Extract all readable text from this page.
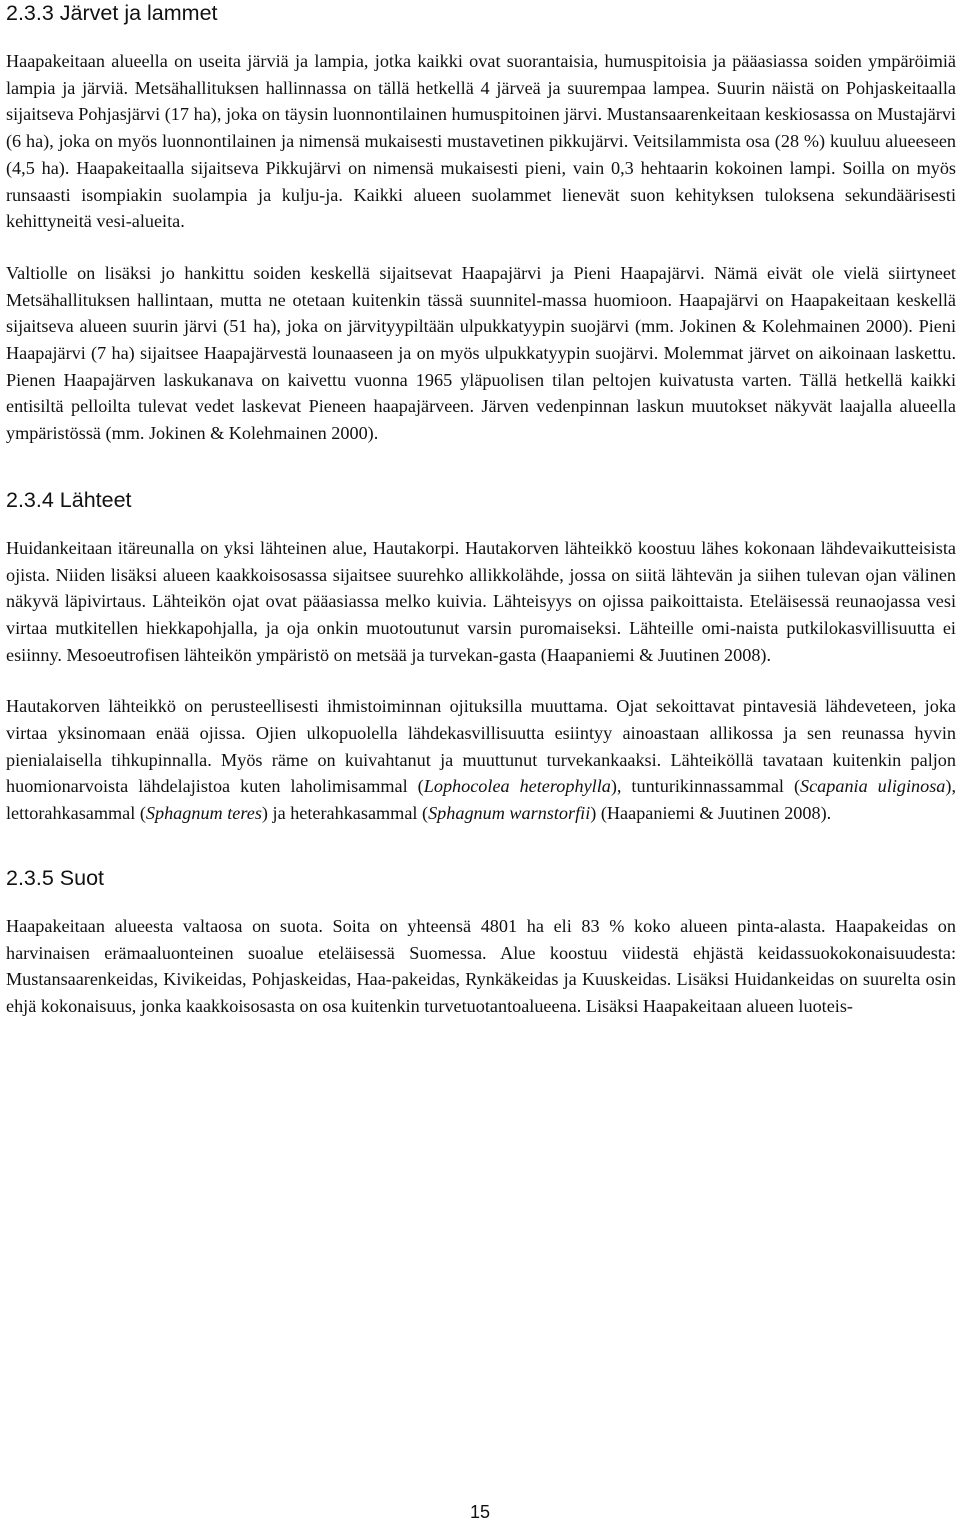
2.3.3 Järvet ja lammet

Haapakeitaan alueella on useita järviä ja lampia, jotka kaikki ovat suorantaisia, humuspitoisia ja pääasiassa soiden ympäröimiä lampia ja järviä. Metsähallituksen hallinnassa on tällä hetkellä 4 järveä ja suurempaa lampea. Suurin näistä on Pohjaskeitaalla sijaitseva Pohjasjärvi (17 ha), joka on täysin luonnontilainen humuspitoinen järvi. Mustansaarenkeitaan keskiosassa on Mustajärvi (6 ha), joka on myös luonnontilainen ja nimensä mukaisesti mustavetinen pikkujärvi. Veitsilammista osa (28 %) kuuluu alueeseen (4,5 ha). Haapakeitaalla sijaitseva Pikkujärvi on nimensä mukaisesti pieni, vain 0,3 hehtaarin kokoinen lampi. Soilla on myös runsaasti isompiakin suolampia ja kulju-ja. Kaikki alueen suolammet lienevät suon kehityksen tuloksena sekundäärisesti kehittyneitä vesi-alueita.

Valtiolle on lisäksi jo hankittu soiden keskellä sijaitsevat Haapajärvi ja Pieni Haapajärvi. Nämä eivät ole vielä siirtyneet Metsähallituksen hallintaan, mutta ne otetaan kuitenkin tässä suunnitel-massa huomioon. Haapajärvi on Haapakeitaan keskellä sijaitseva alueen suurin järvi (51 ha), joka on järvityypiltään ulpukkatyypin suojärvi (mm. Jokinen & Kolehmainen 2000). Pieni Haapajärvi (7 ha) sijaitsee Haapajärvestä lounaaseen ja on myös ulpukkatyypin suojärvi. Molemmat järvet on aikoinaan laskettu. Pienen Haapajärven laskukanava on kaivettu vuonna 1965 yläpuolisen tilan peltojen kuivatusta varten. Tällä hetkellä kaikki entisiltä pelloilta tulevat vedet laskevat Pieneen haapajärveen. Järven vedenpinnan laskun muutokset näkyvät laajalla alueella ympäristössä (mm. Jokinen & Kolehmainen 2000).

2.3.4 Lähteet

Huidankeitaan itäreunalla on yksi lähteinen alue, Hautakorpi. Hautakorven lähteikkö koostuu lähes kokonaan lähdevaikutteisista ojista. Niiden lisäksi alueen kaakkoisosassa sijaitsee suurehko allikkolähde, jossa on siitä lähtevän ja siihen tulevan ojan välinen näkyvä läpivirtaus. Lähteikön ojat ovat pääasiassa melko kuivia. Lähteisyys on ojissa paikoittaista. Eteläisessä reunaojassa vesi virtaa mutkitellen hiekkapohjalla, ja oja onkin muotoutunut varsin puromaiseksi. Lähteille omi-naista putkilokasvillisuutta ei esiinny. Mesoeutrofisen lähteikön ympäristö on metsää ja turvekan-gasta (Haapaniemi & Juutinen 2008).

Hautakorven lähteikkö on perusteellisesti ihmistoiminnan ojituksilla muuttama. Ojat sekoittavat pintavesiä lähdeveteen, joka virtaa yksinomaan enää ojissa. Ojien ulkopuolella lähdekasvillisuutta esiintyy ainoastaan allikossa ja sen reunassa hyvin pienialaisella tihkupinnalla. Myös räme on kuivahtanut ja muuttunut turvekankaaksi. Lähteiköllä tavataan kuitenkin paljon huomionarvoista lähdelajistoa kuten laholimisammal (Lophocolea heterophylla), tunturikinnassammal (Scapania uliginosa), lettorahkasammal (Sphagnum teres) ja heterahkasammal (Sphagnum warnstorfii) (Haapaniemi & Juutinen 2008).

2.3.5 Suot

Haapakeitaan alueesta valtaosa on suota. Soita on yhteensä 4801 ha eli 83 % koko alueen pinta-alasta. Haapakeidas on harvinaisen erämaaluonteinen suoalue eteläisessä Suomessa. Alue koostuu viidestä ehjästä keidassuokokonaisuudesta: Mustansaarenkeidas, Kivikeidas, Pohjaskeidas, Haa-pakeidas, Rynkäkeidas ja Kuuskeidas. Lisäksi Huidankeidas on suurelta osin ehjä kokonaisuus, jonka kaakkoisosasta on osa kuitenkin turvetuotantoalueena. Lisäksi Haapakeitaan alueen luoteis-

15
